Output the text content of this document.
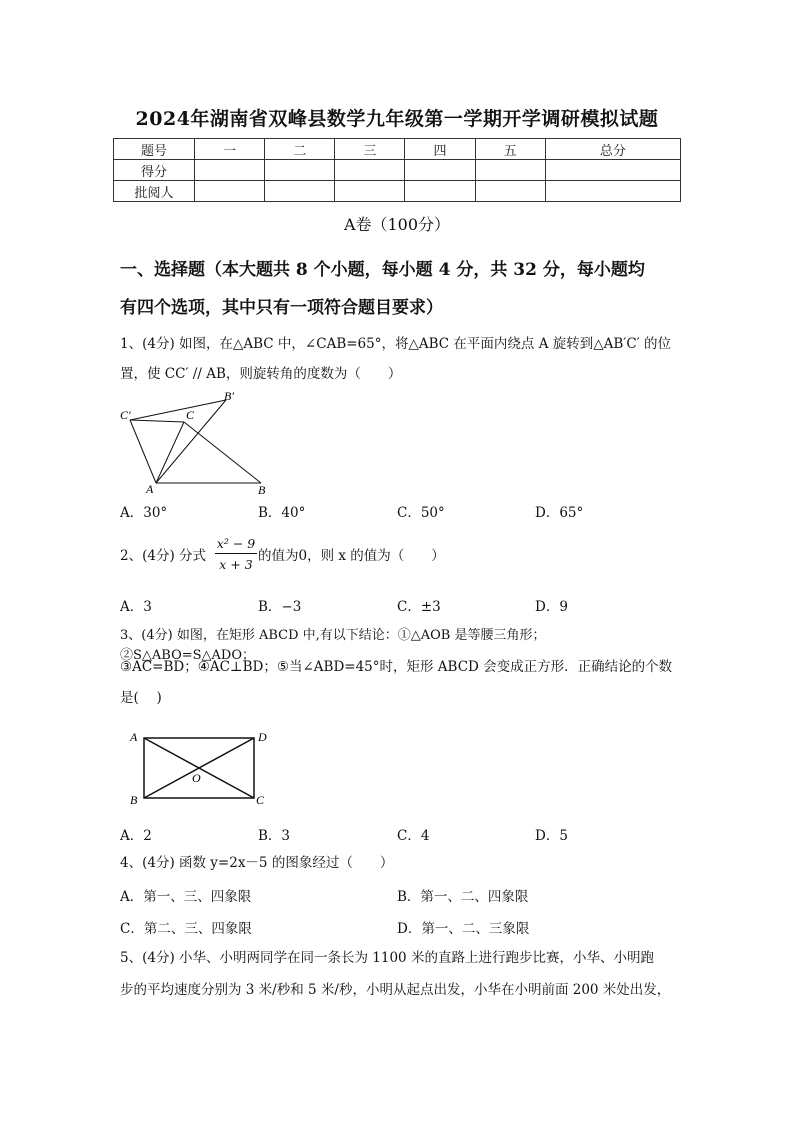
2024年湖南省双峰县数学九年级第一学期开学调研模拟试题
题号	一	二	三	四	五	总分
得分						
批阅人						
A卷（100分）
一、选择题（本大题共 8 个小题，每小题 4 分，共 32 分，每小题均
有四个选项，其中只有一项符合题目要求）
1、(4分) 如图，在△ABC 中，∠CAB=65°，将△ABC 在平面内绕点 A 旋转到△AB′C′ 的位
置，使 CC′ // AB，则旋转角的度数为（　　）
C′	C
B′
A	B
A．30°	B．40°	C．50°	D．65°
2、(4分) 分式 $\frac{\text{x² − 9}}{x + 3}$ 的值为0，则 x 的值为（　　）
A．3	B．−3	C．±3	D．9
3、(4分) 如图，在矩形 ABCD 中,有以下结论：①△AOB 是等腰三角形；②S△ABO=S△ADO；
③AC=BD；④AC⊥BD；⑤当∠ABD=45°时，矩形 ABCD 会变成正方形．正确结论的个数
是(　 )
A	D
O
B	C
A．2	B．3	C．4	D．5
4、(4分) 函数 y=2x－5 的图象经过（　　）
A．第一、三、四象限	B．第一、二、四象限
C．第二、三、四象限	D．第一、二、三象限
5、(4分) 小华、小明两同学在同一条长为 1100 米的直路上进行跑步比赛，小华、小明跑
步的平均速度分别为 3 米/秒和 5 米/秒，小明从起点出发，小华在小明前面 200 米处出发，
